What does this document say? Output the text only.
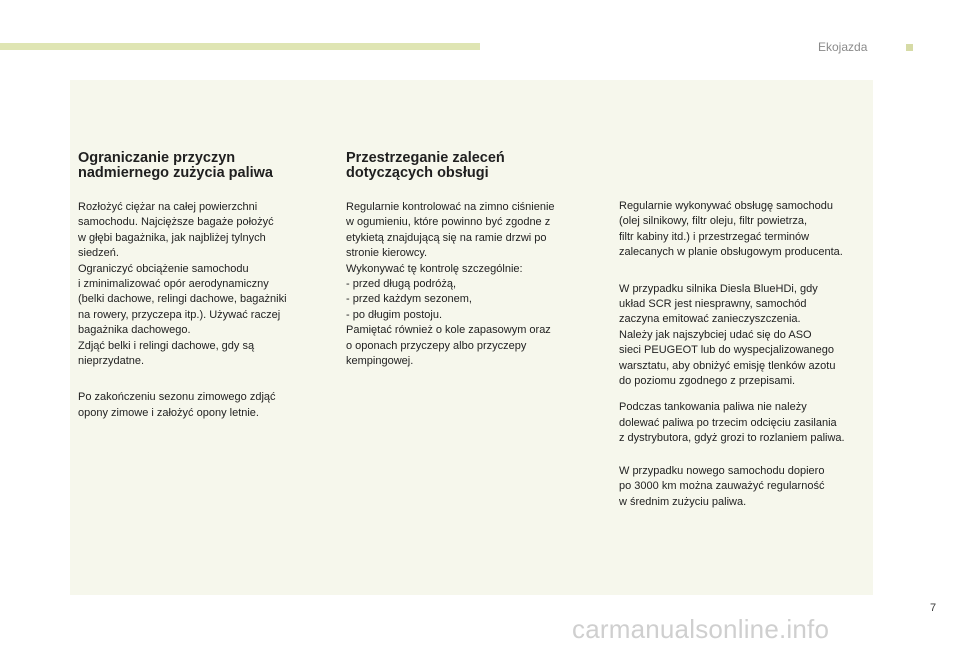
Ekojazda
Ograniczanie przyczyn
nadmiernego zużycia paliwa

Rozłożyć ciężar na całej powierzchni
samochodu. Najcięższe bagaże położyć
w głębi bagażnika, jak najbliżej tylnych
siedzeń.
Ograniczyć obciążenie samochodu
i zminimalizować opór aerodynamiczny
(belki dachowe, relingi dachowe, bagażniki
na rowery, przyczepa itp.). Używać raczej
bagażnika dachowego.
Zdjąć belki i relingi dachowe, gdy są
nieprzydatne.

Po zakończeniu sezonu zimowego zdjąć
opony zimowe i założyć opony letnie.

Przestrzeganie zaleceń
dotyczących obsługi

Regularnie kontrolować na zimno ciśnienie
w ogumieniu, które powinno być zgodne z
etykietą znajdującą się na ramie drzwi po
stronie kierowcy.
Wykonywać tę kontrolę szczególnie:
- przed długą podróżą,
- przed każdym sezonem,
- po długim postoju.
Pamiętać również o kole zapasowym oraz
o oponach przyczepy albo przyczepy
kempingowej.

Regularnie wykonywać obsługę samochodu
(olej silnikowy, filtr oleju, filtr powietrza,
filtr kabiny itd.) i przestrzegać terminów
zalecanych w planie obsługowym producenta.

W przypadku silnika Diesla BlueHDi, gdy
układ SCR jest niesprawny, samochód
zaczyna emitować zanieczyszczenia.
Należy jak najszybciej udać się do ASO
sieci PEUGEOT lub do wyspecjalizowanego
warsztatu, aby obniżyć emisję tlenków azotu
do poziomu zgodnego z przepisami.

Podczas tankowania paliwa nie należy
dolewać paliwa po trzecim odcięciu zasilania
z dystrybutora, gdyż grozi to rozlaniem paliwa.

W przypadku nowego samochodu dopiero
po 3000 km można zauważyć regularność
w średnim zużyciu paliwa.

7
carmanualsonline.info
